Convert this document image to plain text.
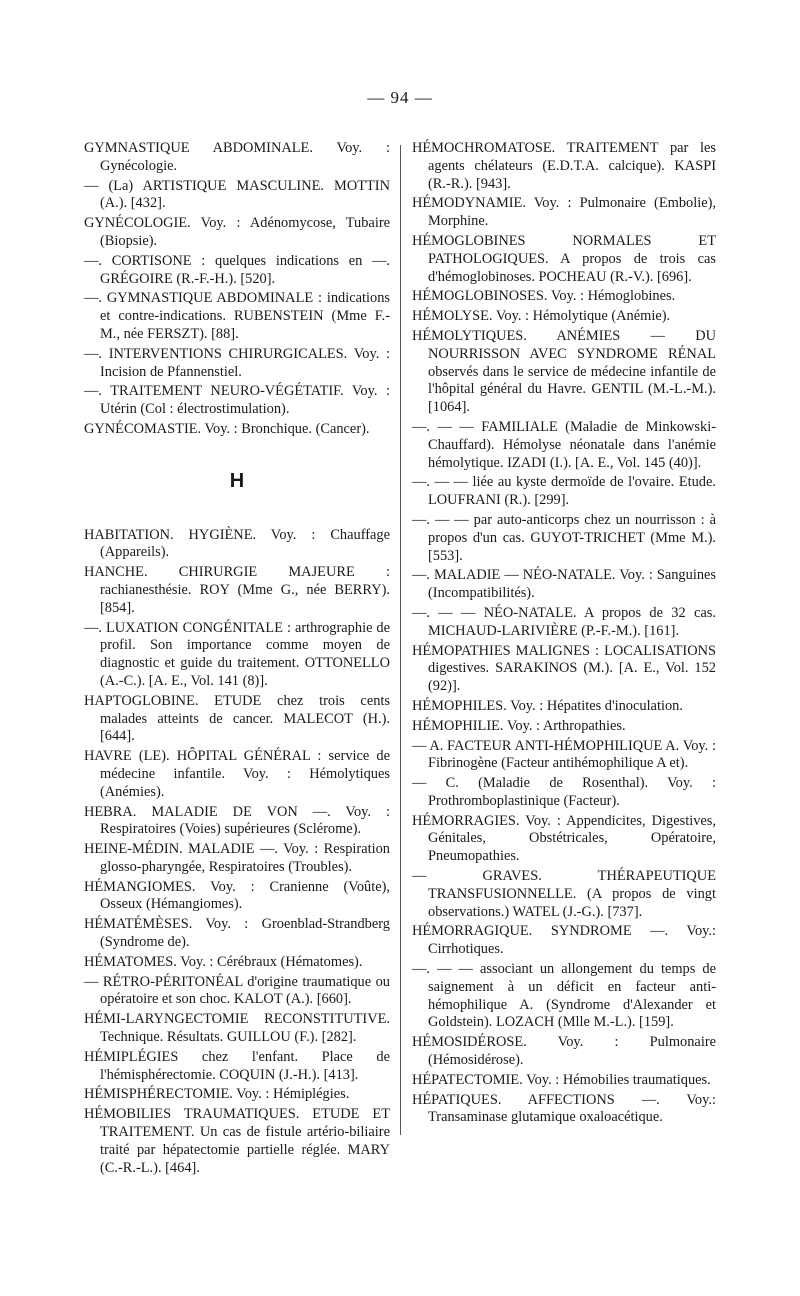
— 94 —

GYMNASTIQUE ABDOMINALE. Voy. : Gynécologie.

— (La) ARTISTIQUE MASCULINE. MOTTIN (A.). [432].

GYNÉCOLOGIE. Voy. : Adénomycose, Tubaire (Biopsie).

—. CORTISONE : quelques indications en —. GRÉGOIRE (R.-F.-H.). [520].

—. GYMNASTIQUE ABDOMINALE : indications et contre-indications. RUBENSTEIN (Mme F.-M., née FERSZT). [88].

—. INTERVENTIONS CHIRURGICALES. Voy. : Incision de Pfannenstiel.

—. TRAITEMENT NEURO-VÉGÉTATIF. Voy. : Utérin (Col : électrostimulation).

GYNÉCOMASTIE. Voy. : Bronchique. (Cancer).

H

HABITATION. HYGIÈNE. Voy. : Chauffage (Appareils).

HANCHE. CHIRURGIE MAJEURE : rachianesthésie. ROY (Mme G., née BERRY). [854].

—. LUXATION CONGÉNITALE : arthrographie de profil. Son importance comme moyen de diagnostic et guide du traitement. OTTONELLO (A.-C.). [A. E., Vol. 141 (8)].

HAPTOGLOBINE. ETUDE chez trois cents malades atteints de cancer. MALECOT (H.). [644].

HAVRE (LE). HÔPITAL GÉNÉRAL : service de médecine infantile. Voy. : Hémolytiques (Anémies).

HEBRA. MALADIE DE VON —. Voy. : Respiratoires (Voies) supérieures (Sclérome).

HEINE-MÉDIN. MALADIE —. Voy. : Respiration glosso-pharyngée, Respiratoires (Troubles).

HÉMANGIOMES. Voy. : Cranienne (Voûte), Osseux (Hémangiomes).

HÉMATÉMÈSES. Voy. : Groenblad-Strandberg (Syndrome de).

HÉMATOMES. Voy. : Cérébraux (Hématomes).

— RÉTRO-PÉRITONÉAL d'origine traumatique ou opératoire et son choc. KALOT (A.). [660].

HÉMI-LARYNGECTOMIE RECONSTITUTIVE. Technique. Résultats. GUILLOU (F.). [282].

HÉMIPLÉGIES chez l'enfant. Place de l'hémisphérectomie. COQUIN (J.-H.). [413].

HÉMISPHÉRECTOMIE. Voy. : Hémiplégies.

HÉMOBILIES TRAUMATIQUES. ETUDE ET TRAITEMENT. Un cas de fistule artério-biliaire traité par hépatectomie partielle réglée. MARY (C.-R.-L.). [464].

HÉMOCHROMATOSE. TRAITEMENT par les agents chélateurs (E.D.T.A. calcique). KASPI (R.-R.). [943].

HÉMODYNAMIE. Voy. : Pulmonaire (Embolie), Morphine.

HÉMOGLOBINES NORMALES ET PATHOLOGIQUES. A propos de trois cas d'hémoglobinoses. POCHEAU (R.-V.). [696].

HÉMOGLOBINOSES. Voy. : Hémoglobines.

HÉMOLYSE. Voy. : Hémolytique (Anémie).

HÉMOLYTIQUES. ANÉMIES — DU NOURRISSON AVEC SYNDROME RÉNAL observés dans le service de médecine infantile de l'hôpital général du Havre. GENTIL (M.-L.-M.). [1064].

—. — — FAMILIALE (Maladie de Minkowski-Chauffard). Hémolyse néonatale dans l'anémie hémolytique. IZADI (I.). [A. E., Vol. 145 (40)].

—. — — liée au kyste dermoïde de l'ovaire. Etude. LOUFRANI (R.). [299].

—. — — par auto-anticorps chez un nourrisson : à propos d'un cas. GUYOT-TRICHET (Mme M.). [553].

—. MALADIE — NÉO-NATALE. Voy. : Sanguines (Incompatibilités).

—. — — NÉO-NATALE. A propos de 32 cas. MICHAUD-LARIVIÈRE (P.-F.-M.). [161].

HÉMOPATHIES MALIGNES : LOCALISATIONS digestives. SARAKINOS (M.). [A. E., Vol. 152 (92)].

HÉMOPHILES. Voy. : Hépatites d'inoculation.

HÉMOPHILIE. Voy. : Arthropathies.

— A. FACTEUR ANTI-HÉMOPHILIQUE A. Voy. : Fibrinogène (Facteur antihémophilique A et).

— C. (Maladie de Rosenthal). Voy. : Prothromboplastinique (Facteur).

HÉMORRAGIES. Voy. : Appendicites, Digestives, Génitales, Obstétricales, Opératoire, Pneumopathies.

— GRAVES. THÉRAPEUTIQUE TRANSFUSIONNELLE. (A propos de vingt observations.) WATEL (J.-G.). [737].

HÉMORRAGIQUE. SYNDROME —. Voy.: Cirrhotiques.

—. — — associant un allongement du temps de saignement à un déficit en facteur anti-hémophilique A. (Syndrome d'Alexander et Goldstein). LOZACH (Mlle M.-L.). [159].

HÉMOSIDÉROSE. Voy. : Pulmonaire (Hémosidérose).

HÉPATECTOMIE. Voy. : Hémobilies traumatiques.

HÉPATIQUES. AFFECTIONS —. Voy.: Transaminase glutamique oxaloacétique.
